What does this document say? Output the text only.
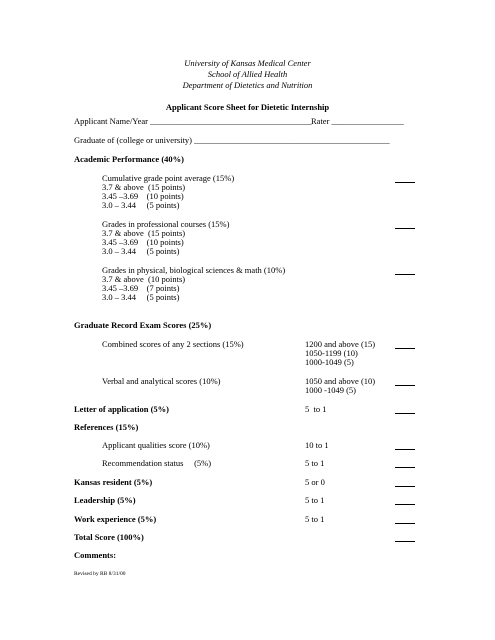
University of Kansas Medical Center
School of Allied Health
Department of Dietetics and Nutrition
Applicant Score Sheet for Dietetic Internship
Applicant Name/Year ______________________________________ Rater _________________
Graduate of (college or university) ______________________________________________
Academic Performance (40%)
Cumulative grade point average (15%)
3.7 & above  (15 points)
3.45 –3.69    (10 points)
3.0 – 3.44     (5 points)
Grades in professional courses (15%)
3.7 & above  (15 points)
3.45 –3.69    (10 points)
3.0 – 3.44     (5 points)
Grades in physical, biological sciences & math (10%)
3.7 & above  (10 points)
3.45 –3.69    (7 points)
3.0 – 3.44     (5 points)
Graduate Record Exam Scores (25%)
Combined scores of any 2 sections (15%)	1200 and above (15)
1050-1199 (10)
1000-1049 (5)
Verbal and analytical scores (10%)	1050 and above (10)
1000 -1049 (5)
Letter of application (5%)	5  to 1
References (15%)
Applicant qualities score (10%)	10 to 1
Recommendation status     (5%)	5 to 1
Kansas resident (5%)	5 or 0
Leadership (5%)	5 to 1
Work experience (5%)	5 to 1
Total Score (100%)
Comments:
Revised by RB 8/31/00
